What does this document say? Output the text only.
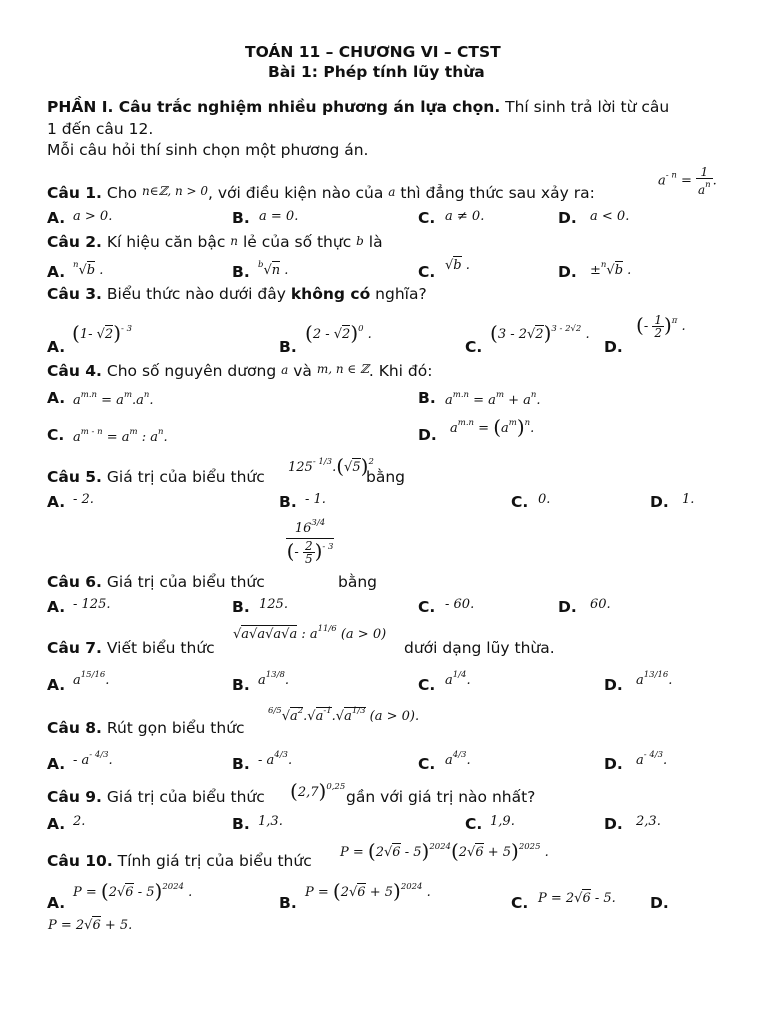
TOÁN 11 – CHƯƠNG VI – CTST
Bài 1: Phép tính lũy thừa
PHẦN I. Câu trắc nghiệm nhiều phương án lựa chọn. Thí sinh trả lời từ câu
1 đến câu 12.
Mỗi câu hỏi thí sinh chọn một phương án.
Câu 1. Cho n∈ℤ, n > 0, với điều kiện nào của a thì đẳng thức sau xảy ra:
$a^{- n} = \frac{1}{a^n}$ .
A. a > 0.	B. a = 0.	C. a ≠ 0.	D. a < 0.
Câu 2. Kí hiệu căn bậc n lẻ của số thực b là
A. $^n$√b .	B. $^b$√n .	C. √b .	D. ±$^n$√b .
Câu 3. Biểu thức nào dưới đây không có nghĩa?
A.
(1- √2)$^{- 3}$
B.
(2 - √2)$^0$ .
C.
(3 - 2√2)$^{3 - 2√2}$ .
D.
(- $\frac{1}{2} )^\pi$ .
Câu 4. Cho số nguyên dương a và m, n ∈ ℤ. Khi đó:
A. $a^{m.n} = a^m.a^n$.	B. $a^{m.n} = a^m + a^n$.
C. $a^{m - n} = a^m$ : $a^n$.	D. $a^{m.n} = (a^m)^n$.
Câu 5. Giá trị của biểu thức
$125^{- 1/3}.(√5)^2$
bằng
A. - 2.	B. - 1.	C. 0.	D. 1.
$16^{3/4}$
(- $\frac{2}{5} )^{- 3}$
Câu 6. Giá trị của biểu thức	bằng
A. - 125.	B. 125.	C. - 60.	D. 60.
Câu 7. Viết biểu thức
√a√a√a√a : $a^{11/6}$ (a > 0)
dưới dạng lũy thừa.
A. $a^{15/16}$.	B. $a^{13/8}$.	C. $a^{1/4}$.	D. $a^{13/16}$.
Câu 8. Rút gọn biểu thức
$^{6/5}√a^2.√a^{-1}.√a^{1/3}$ (a > 0).
A. - $a^{- 4/3}$.	B. - $a^{4/3}$.	C. $a^{4/3}$.	D. $a^{- 4/3}$.
Câu 9. Giá trị của biểu thức $(2,7)^{0,25}$
gần với giá trị nào nhất?
A. 2.	B. 1,3.	C. 1,9.	D. 2,3.
Câu 10. Tính giá trị của biểu thức $P = (2√6 - 5)^{2024}(2√6 + 5)^{2025}$ .
A.
P = (2√6 - 5)$^{2024}$ .
B.
$P = (2√6 + 5)^{2024}$ .
C. P = 2√6 - 5. D.
P = 2√6 + 5.
